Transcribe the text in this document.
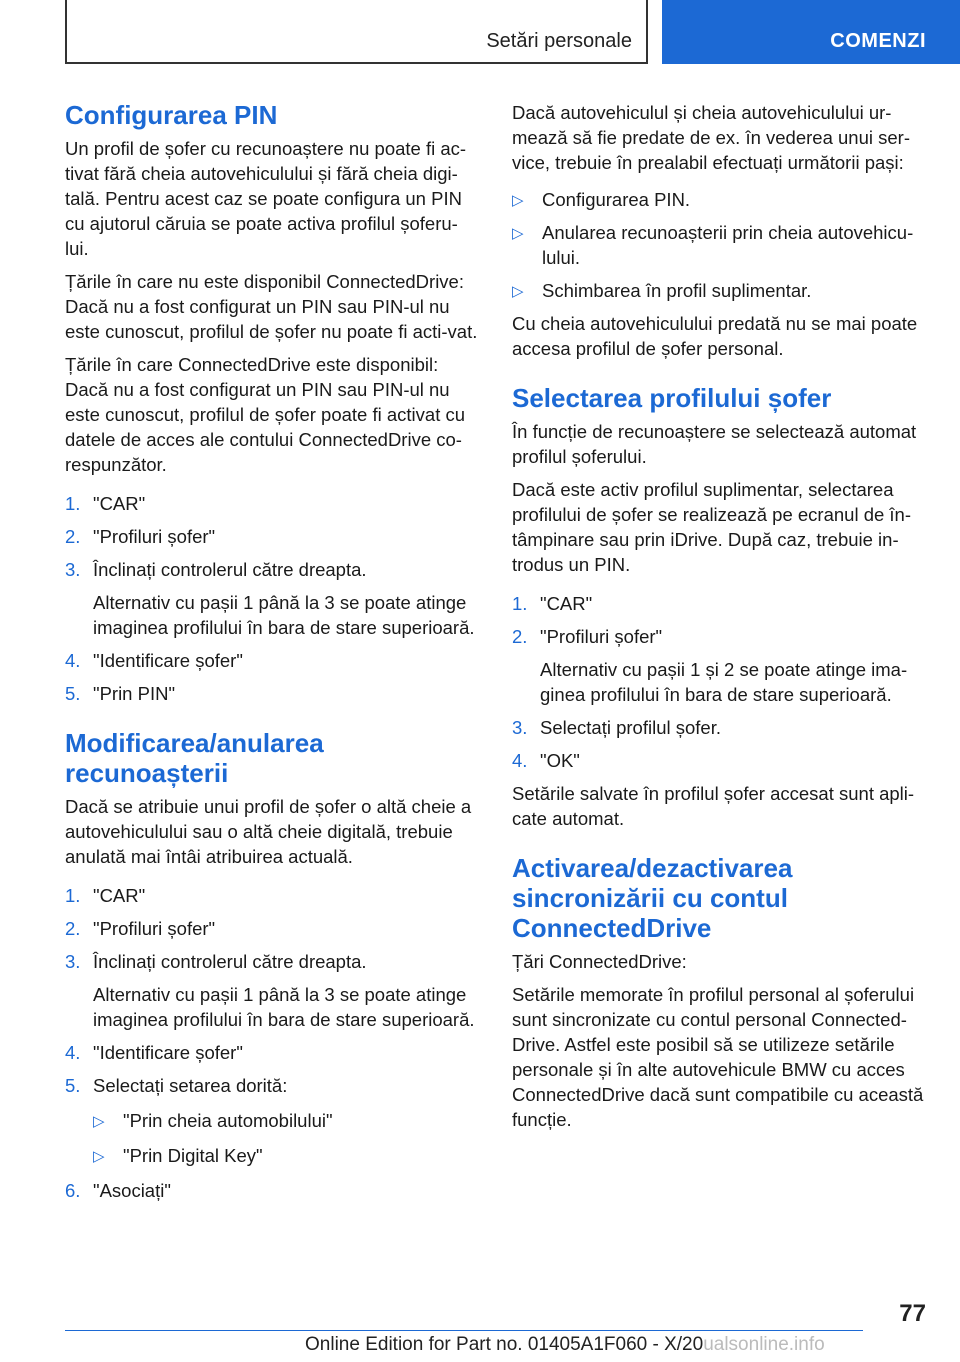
Setări personale	COMENZI
Configurarea PIN

Un profil de șofer cu recunoaștere nu poate fi ac-tivat fără cheia autovehiculului și fără cheia digi-tală. Pentru acest caz se poate configura un PIN cu ajutorul căruia se poate activa profilul șoferu-lui.

Țările în care nu este disponibil ConnectedDrive: Dacă nu a fost configurat un PIN sau PIN-ul nu este cunoscut, profilul de șofer nu poate fi acti-vat.

Țările în care ConnectedDrive este disponibil: Dacă nu a fost configurat un PIN sau PIN-ul nu este cunoscut, profilul de șofer poate fi activat cu datele de acces ale contului ConnectedDrive co-respunzător.

1. "CAR"
2. "Profiluri șofer"
3. Înclinați controlerul către dreapta.
Alternativ cu pașii 1 până la 3 se poate atinge imaginea profilului în bara de stare superioară.
4. "Identificare șofer"
5. "Prin PIN"
Modificarea/anularea recunoașterii

Dacă se atribuie unui profil de șofer o altă cheie a autovehiculului sau o altă cheie digitală, trebuie anulată mai întâi atribuirea actuală.

1. "CAR"
2. "Profiluri șofer"
3. Înclinați controlerul către dreapta.
Alternativ cu pașii 1 până la 3 se poate atinge imaginea profilului în bara de stare superioară.
4. "Identificare șofer"
5. Selectați setarea dorită:
▷ "Prin cheia automobilului"
▷ "Prin Digital Key"
6. "Asociați"

Dacă autovehiculul și cheia autovehiculului ur-mează să fie predate de ex. în vederea unui ser-vice, trebuie în prealabil efectuați următorii pași:

▷ Configurarea PIN.
▷ Anularea recunoașterii prin cheia autovehicu-lului.
▷ Schimbarea în profil suplimentar.

Cu cheia autovehiculului predată nu se mai poate accesa profilul de șofer personal.

Selectarea profilului șofer

În funcție de recunoaștere se selectează automat profilul șoferului.

Dacă este activ profilul suplimentar, selectarea profilului de șofer se realizează pe ecranul de în-tâmpinare sau prin iDrive. După caz, trebuie in-trodus un PIN.

1. "CAR"
2. "Profiluri șofer"
Alternativ cu pașii 1 și 2 se poate atinge ima-ginea profilului în bara de stare superioară.
3. Selectați profilul șofer.
4. "OK"

Setările salvate în profilul șofer accesat sunt apli-cate automat.

Activarea/dezactivarea sincronizării cu contul ConnectedDrive

Țări ConnectedDrive:

Setările memorate în profilul personal al șoferului sunt sincronizate cu contul personal Connected-Drive. Astfel este posibil să se utilizeze setările personale și în alte autovehicule BMW cu acces ConnectedDrive dacă sunt compatibile cu această funcție.

77
Online Edition for Part no. 01405A1F060 - X/20ualsonline.info
